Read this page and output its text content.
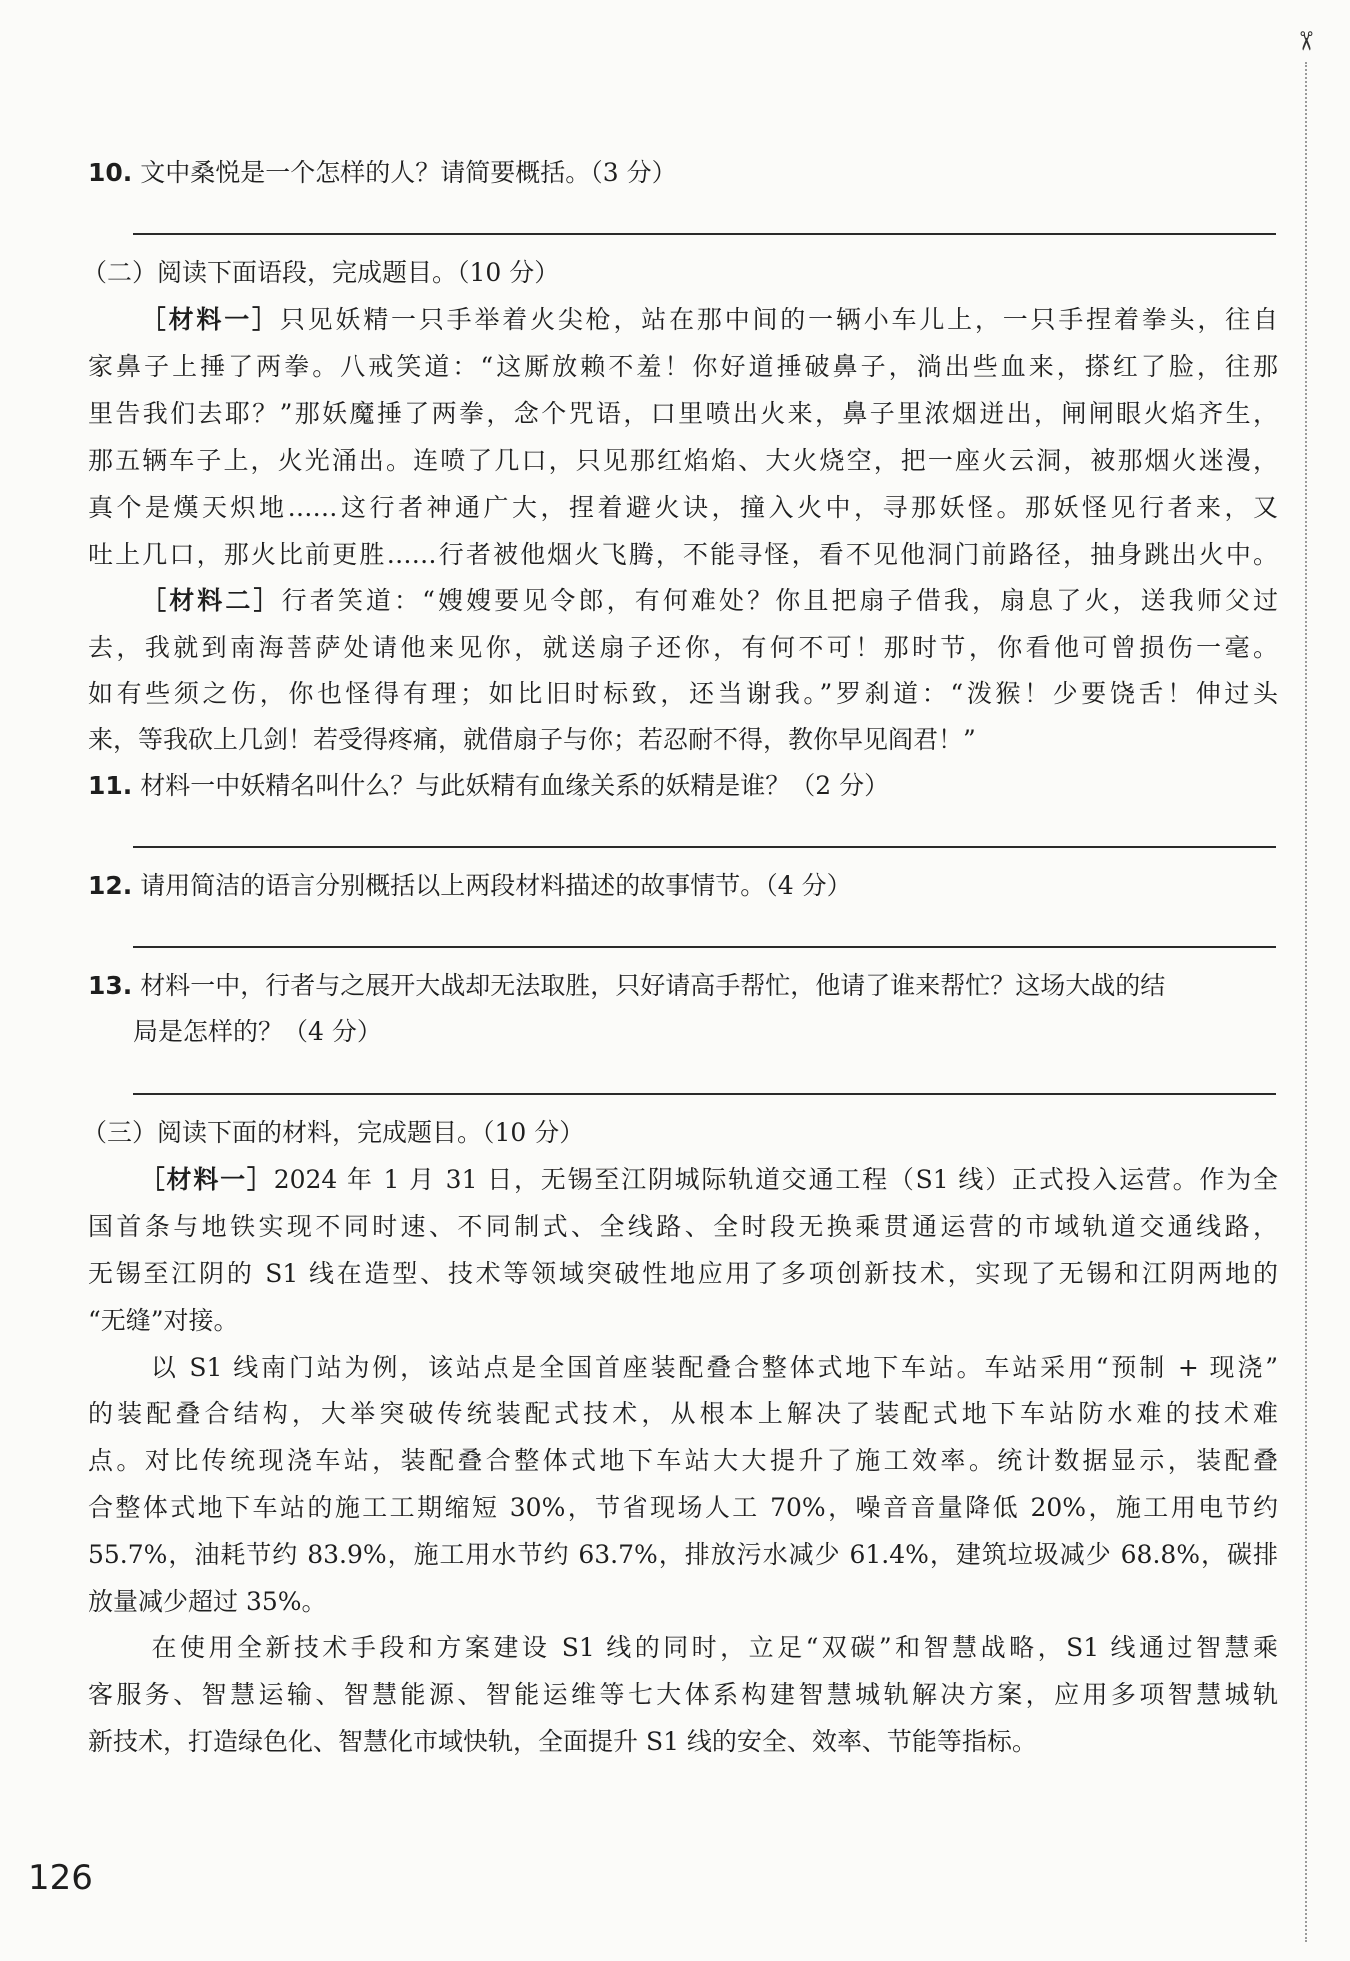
✂
10. 文中桑悦是一个怎样的人？请简要概括。（3 分）
（二）阅读下面语段，完成题目。（10 分）
［材料一］只见妖精一只手举着火尖枪，站在那中间的一辆小车儿上，一只手捏着拳头，往自
家鼻子上捶了两拳。八戒笑道：“这厮放赖不羞！你好道捶破鼻子，淌出些血来，搽红了脸，往那
里告我们去耶？”那妖魔捶了两拳，念个咒语，口里喷出火来，鼻子里浓烟迸出，闸闸眼火焰齐生，
那五辆车子上，火光涌出。连喷了几口，只见那红焰焰、大火烧空，把一座火云洞，被那烟火迷漫，
真个是熯天炽地……这行者神通广大，捏着避火诀，撞入火中，寻那妖怪。那妖怪见行者来，又
吐上几口，那火比前更胜……行者被他烟火飞腾，不能寻怪，看不见他洞门前路径，抽身跳出火中。
［材料二］行者笑道：“嫂嫂要见令郎，有何难处？你且把扇子借我，扇息了火，送我师父过
去，我就到南海菩萨处请他来见你，就送扇子还你，有何不可！那时节，你看他可曾损伤一毫。
如有些须之伤，你也怪得有理；如比旧时标致，还当谢我。”罗刹道：“泼猴！少要饶舌！伸过头
来，等我砍上几剑！若受得疼痛，就借扇子与你；若忍耐不得，教你早见阎君！”
11. 材料一中妖精名叫什么？与此妖精有血缘关系的妖精是谁？（2 分）
12. 请用简洁的语言分别概括以上两段材料描述的故事情节。（4 分）
13. 材料一中，行者与之展开大战却无法取胜，只好请高手帮忙，他请了谁来帮忙？这场大战的结
局是怎样的？（4 分）
（三）阅读下面的材料，完成题目。（10 分）
［材料一］2024 年 1 月 31 日，无锡至江阴城际轨道交通工程（S1 线）正式投入运营。作为全
国首条与地铁实现不同时速、不同制式、全线路、全时段无换乘贯通运营的市域轨道交通线路，
无锡至江阴的 S1 线在造型、技术等领域突破性地应用了多项创新技术，实现了无锡和江阴两地的
“无缝”对接。
以 S1 线南门站为例，该站点是全国首座装配叠合整体式地下车站。车站采用“预制 + 现浇”
的装配叠合结构，大举突破传统装配式技术，从根本上解决了装配式地下车站防水难的技术难
点。对比传统现浇车站，装配叠合整体式地下车站大大提升了施工效率。统计数据显示，装配叠
合整体式地下车站的施工工期缩短 30%，节省现场人工 70%，噪音音量降低 20%，施工用电节约
55.7%，油耗节约 83.9%，施工用水节约 63.7%，排放污水减少 61.4%，建筑垃圾减少 68.8%，碳排
放量减少超过 35%。
在使用全新技术手段和方案建设 S1 线的同时，立足“双碳”和智慧战略，S1 线通过智慧乘
客服务、智慧运输、智慧能源、智能运维等七大体系构建智慧城轨解决方案，应用多项智慧城轨
新技术，打造绿色化、智慧化市域快轨，全面提升 S1 线的安全、效率、节能等指标。
126
